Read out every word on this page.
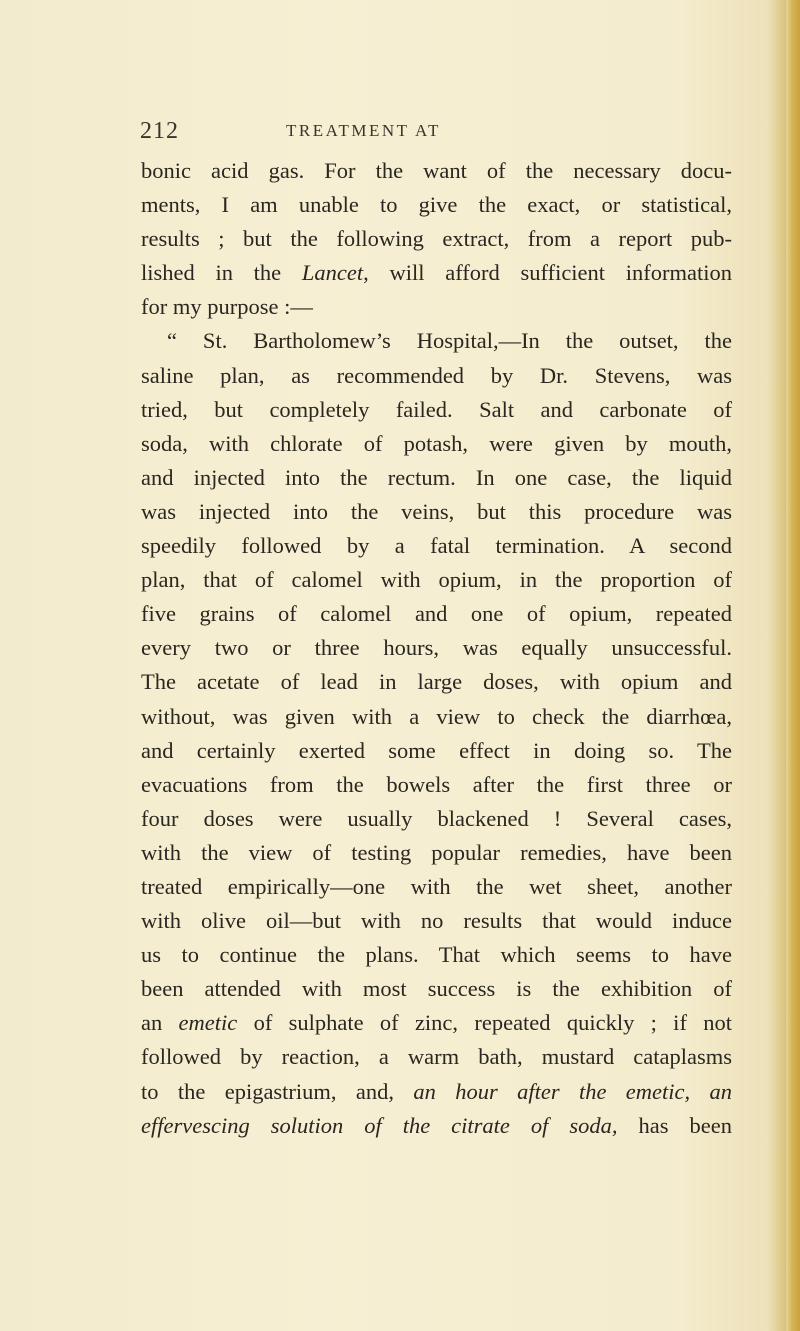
212	TREATMENT AT
bonic acid gas. For the want of the necessary docu-
ments, I am unable to give the exact, or statistical,
results ; but the following extract, from a report pub-
lished in the Lancet, will afford sufficient information
for my purpose :—
“ St. Bartholomew’s Hospital,—In the outset, the
saline plan, as recommended by Dr. Stevens, was
tried, but completely failed. Salt and carbonate of
soda, with chlorate of potash, were given by mouth,
and injected into the rectum. In one case, the liquid
was injected into the veins, but this procedure was
speedily followed by a fatal termination. A second
plan, that of calomel with opium, in the proportion of
five grains of calomel and one of opium, repeated
every two or three hours, was equally unsuccessful.
The acetate of lead in large doses, with opium and
without, was given with a view to check the diarrhœa,
and certainly exerted some effect in doing so. The
evacuations from the bowels after the first three or
four doses were usually blackened ! Several cases,
with the view of testing popular remedies, have been
treated empirically—one with the wet sheet, another
with olive oil—but with no results that would induce
us to continue the plans. That which seems to have
been attended with most success is the exhibition of
an emetic of sulphate of zinc, repeated quickly ; if not
followed by reaction, a warm bath, mustard cataplasms
to the epigastrium, and, an hour after the emetic, an
effervescing solution of the citrate of soda, has been
